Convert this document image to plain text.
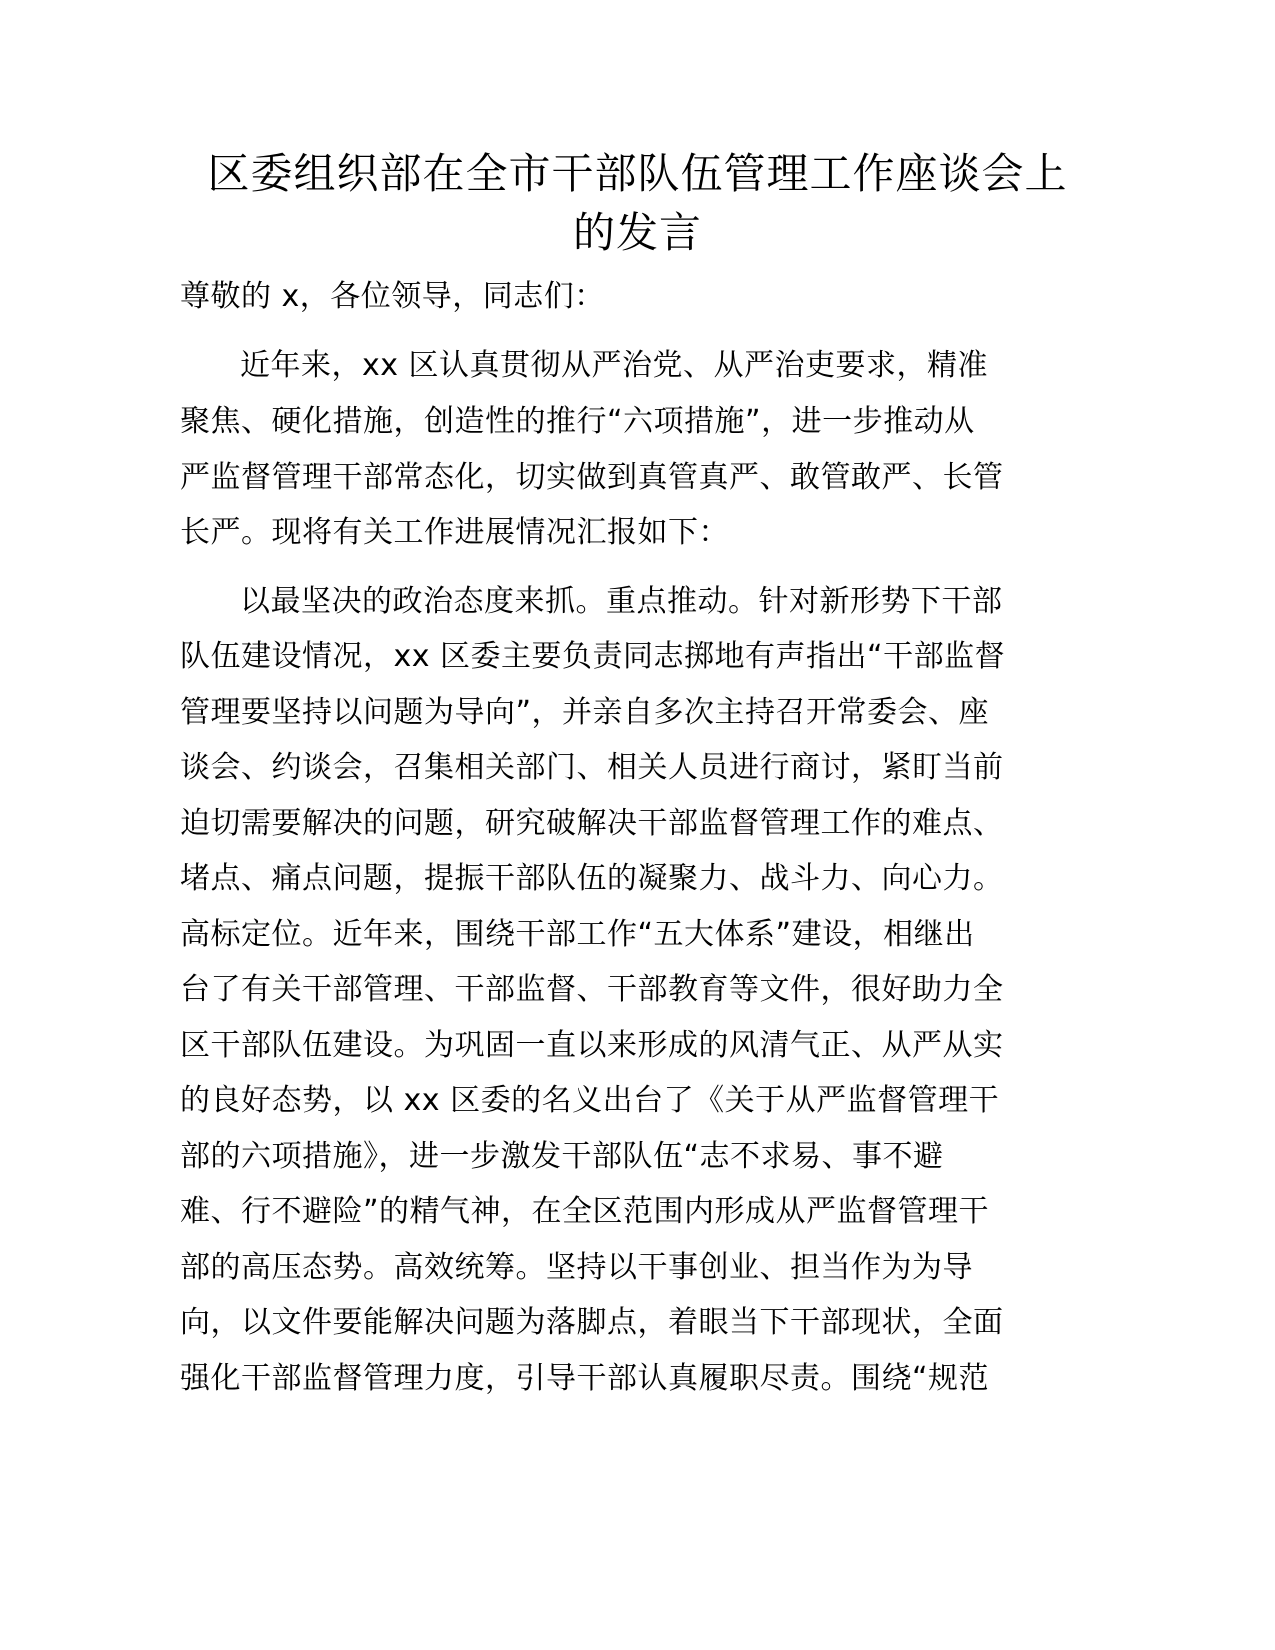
区委组织部在全市干部队伍管理工作座谈会上
的发言
尊敬的 x，各位领导，同志们：
近年来，xx 区认真贯彻从严治党、从严治吏要求，精准
聚焦、硬化措施，创造性的推行“六项措施”，进一步推动从
严监督管理干部常态化，切实做到真管真严、敢管敢严、长管
长严。现将有关工作进展情况汇报如下：
以最坚决的政治态度来抓。重点推动。针对新形势下干部
队伍建设情况，xx 区委主要负责同志掷地有声指出“干部监督
管理要坚持以问题为导向”，并亲自多次主持召开常委会、座
谈会、约谈会，召集相关部门、相关人员进行商讨，紧盯当前
迫切需要解决的问题，研究破解决干部监督管理工作的难点、
堵点、痛点问题，提振干部队伍的凝聚力、战斗力、向心力。
高标定位。近年来，围绕干部工作“五大体系”建设，相继出
台了有关干部管理、干部监督、干部教育等文件，很好助力全
区干部队伍建设。为巩固一直以来形成的风清气正、从严从实
的良好态势，以 xx 区委的名义出台了《关于从严监督管理干
部的六项措施》，进一步激发干部队伍“志不求易、事不避
难、行不避险”的精气神，在全区范围内形成从严监督管理干
部的高压态势。高效统筹。坚持以干事创业、担当作为为导
向，以文件要能解决问题为落脚点，着眼当下干部现状，全面
强化干部监督管理力度，引导干部认真履职尽责。围绕“规范
